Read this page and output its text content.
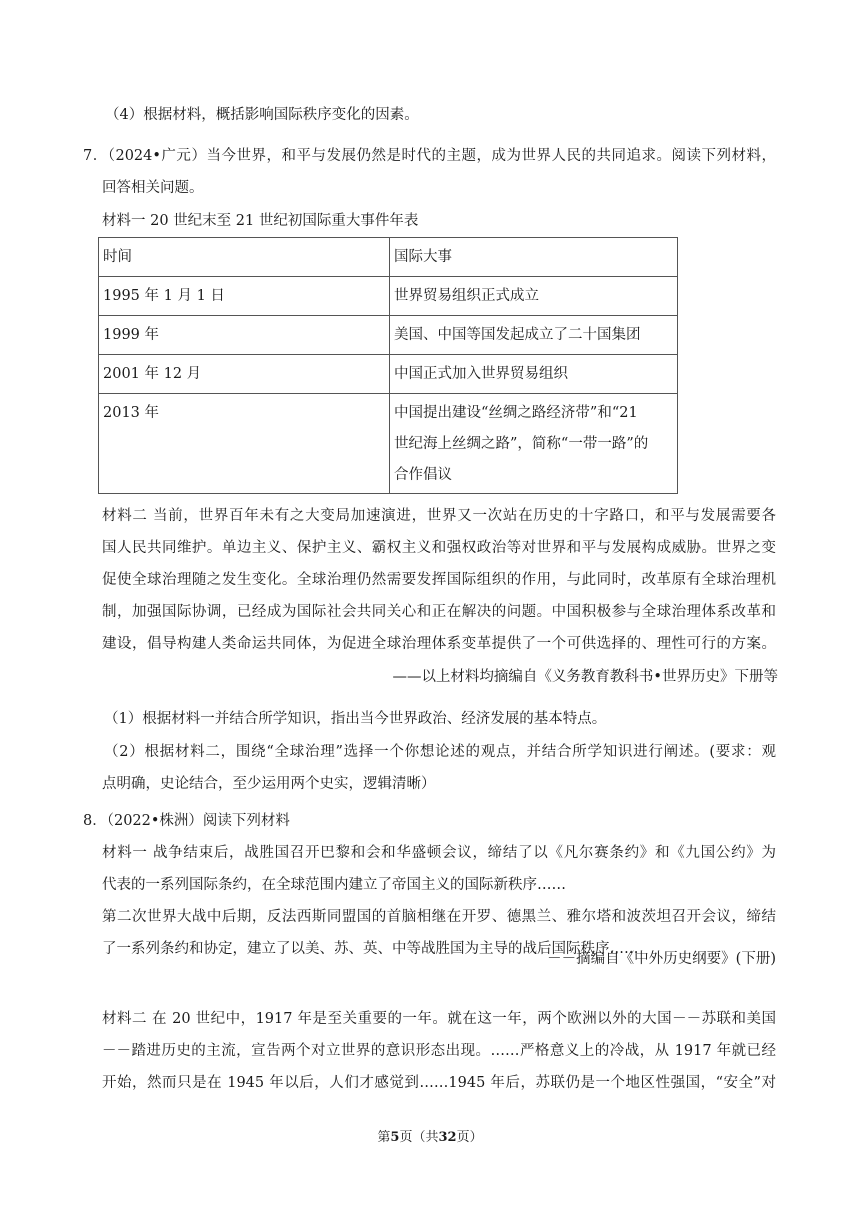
（4）根据材料，概括影响国际秩序变化的因素。
7．（2024•广元）当今世界，和平与发展仍然是时代的主题，成为世界人民的共同追求。阅读下列材料，
回答相关问题。
材料一 20 世纪末至 21 世纪初国际重大事件年表
时间	国际大事
1995 年 1 月 1 日	世界贸易组织正式成立
1999 年	美国、中国等国发起成立了二十国集团
2001 年 12 月	中国正式加入世界贸易组织
2013 年	中国提出建设“丝绸之路经济带”和“21
世纪海上丝绸之路”，简称“一带一路”的
合作倡议
材料二 当前，世界百年未有之大变局加速演进，世界又一次站在历史的十字路口，和平与发展需要各
国人民共同维护。单边主义、保护主义、霸权主义和强权政治等对世界和平与发展构成威胁。世界之变
促使全球治理随之发生变化。全球治理仍然需要发挥国际组织的作用，与此同时，改革原有全球治理机
制，加强国际协调，已经成为国际社会共同关心和正在解决的问题。中国积极参与全球治理体系改革和
建设，倡导构建人类命运共同体，为促进全球治理体系变革提供了一个可供选择的、理性可行的方案。
——以上材料均摘编自《义务教育教科书•世界历史》下册等
（1）根据材料一并结合所学知识，指出当今世界政治、经济发展的基本特点。
（2）根据材料二，围绕“全球治理”选择一个你想论述的观点，并结合所学知识进行阐述。(要求：观
点明确，史论结合，至少运用两个史实，逻辑清晰）
8．（2022•株洲）阅读下列材料
材料一 战争结束后，战胜国召开巴黎和会和华盛顿会议，缔结了以《凡尔赛条约》和《九国公约》为
代表的一系列国际条约，在全球范围内建立了帝国主义的国际新秩序……
第二次世界大战中后期，反法西斯同盟国的首脑相继在开罗、德黑兰、雅尔塔和波茨坦召开会议，缔结
了一系列条约和协定，建立了以美、苏、英、中等战胜国为主导的战后国际秩序……
－－摘编自《中外历史纲要》(下册)
材料二 在 20 世纪中，1917 年是至关重要的一年。就在这一年，两个欧洲以外的大国－－苏联和美国
－－踏进历史的主流，宣告两个对立世界的意识形态出现。……严格意义上的冷战，从 1917 年就已经
开始，然而只是在 1945 年以后，人们才感觉到……1945 年后，苏联仍是一个地区性强国，“安全”对
第5页（共32页）
